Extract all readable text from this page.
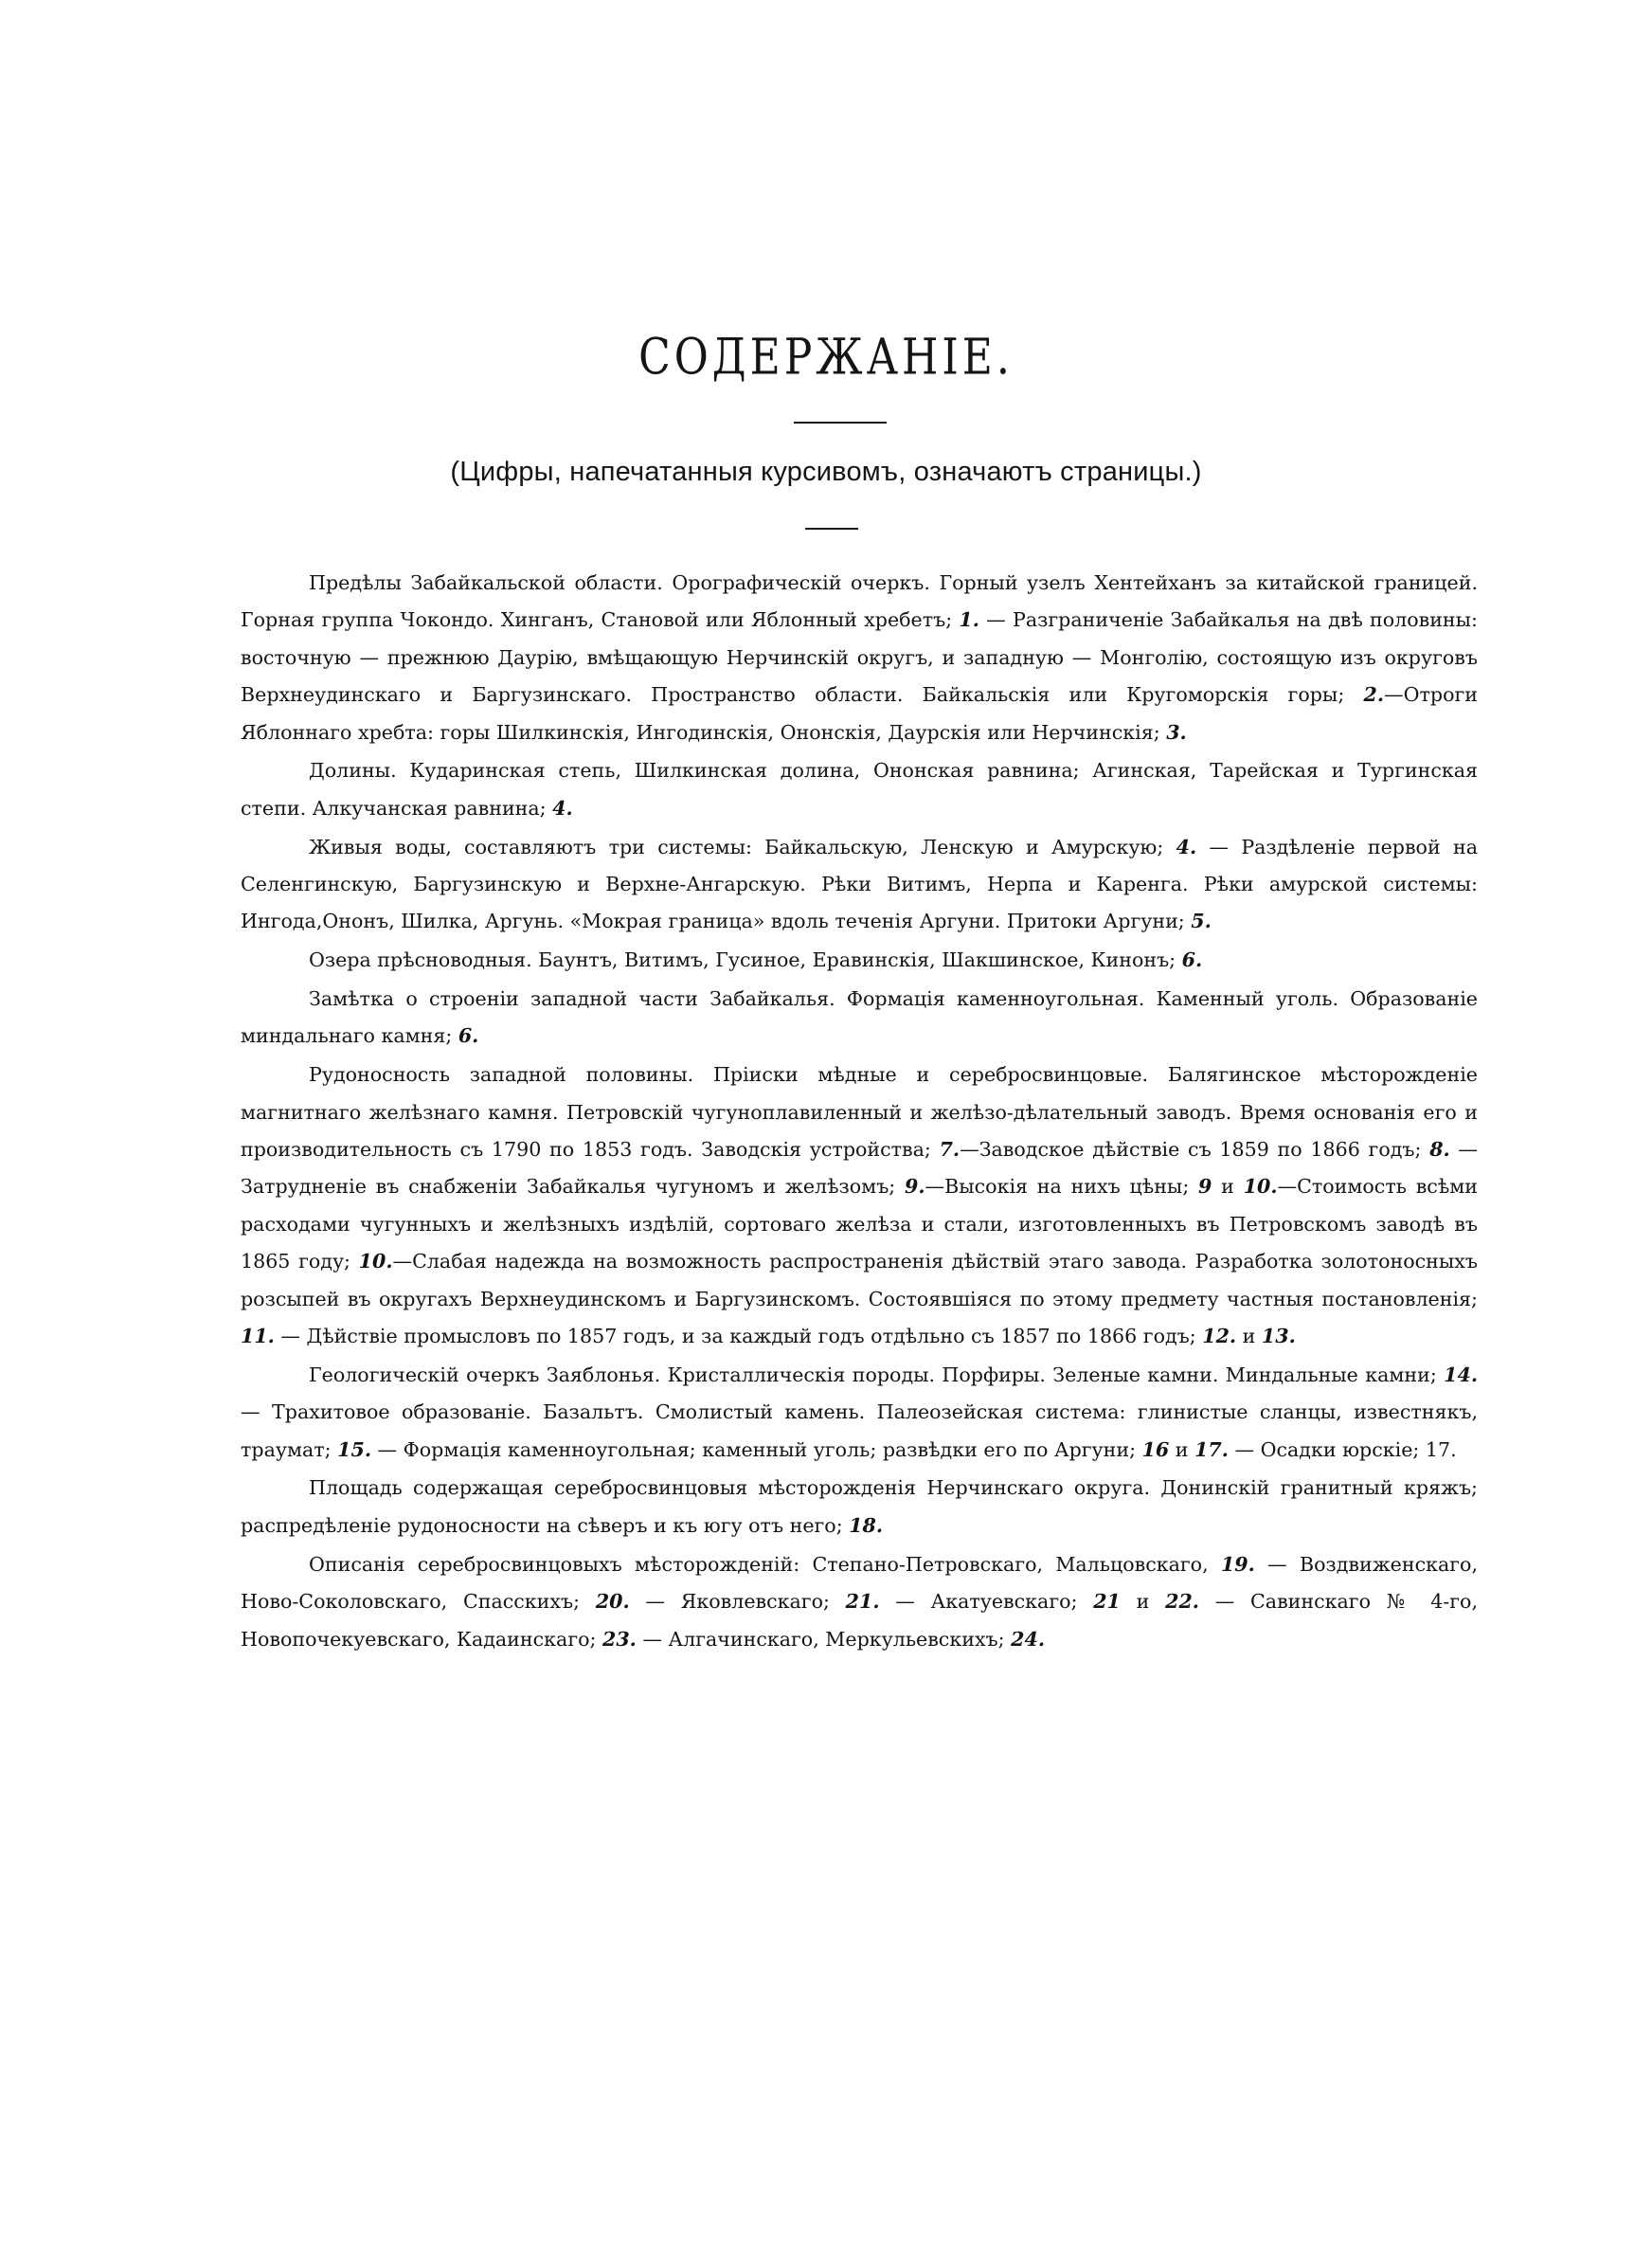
СОДЕРЖАНІЕ.
(Цифры, напечатанныя курсивомъ, означаютъ страницы.)

Предѣлы Забайкальской области. Орографическій очеркъ. Горный узелъ Хентейханъ за китайской границей. Горная группа Чокондо. Хинганъ, Становой или Яблонный хребетъ; 1. — Разграниченіе Забайкалья на двѣ половины: восточную — прежнюю Даурію, вмѣщающую Нерчинскій округъ, и западную — Монголію, состоящую изъ округовъ Верхнеудинскаго и Баргузинскаго. Пространство области. Байкальскія или Кругоморскія горы; 2.—Отроги Яблоннаго хребта: горы Шилкинскія, Ингодинскія, Ононскія, Даурскія или Нерчинскія; 3.

Долины. Кударинская степь, Шилкинская долина, Ононская равнина; Агинская, Тарейская и Тургинская степи. Алкучанская равнина; 4.

Живыя воды, составляютъ три системы: Байкальскую, Ленскую и Амурскую; 4. — Раздѣленіе первой на Селенгинскую, Баргузинскую и Верхне-Ангарскую. Рѣки Витимъ, Нерпа и Каренга. Рѣки амурской системы: Ингода,Ононъ, Шилка, Аргунь. «Мокрая граница» вдоль теченія Аргуни. Притоки Аргуни; 5.

Озера прѣсноводныя. Баунтъ, Витимъ, Гусиное, Еравинскія, Шакшинское, Кинонъ; 6.

Замѣтка о строеніи западной части Забайкалья. Формація каменноугольная. Каменный уголь. Образованіе миндальнаго камня; 6.

Рудоносность западной половины. Пріиски мѣдные и серебросвинцовые. Балягинское мѣсторожденіе магнитнаго желѣзнаго камня. Петровскій чугуноплавиленный и желѣзо-дѣлательный заводъ. Время основанія его и производительность съ 1790 по 1853 годъ. Заводскія устройства; 7.—Заводское дѣйствіе съ 1859 по 1866 годъ; 8. — Затрудненіе въ снабженіи Забайкалья чугуномъ и желѣзомъ; 9.—Высокія на нихъ цѣны; 9 и 10.—Стоимость всѣми расходами чугунныхъ и желѣзныхъ издѣлій, сортоваго желѣза и стали, изготовленныхъ въ Петровскомъ заводѣ въ 1865 году; 10.—Слабая надежда на возможность распространенія дѣйствій этаго завода. Разработка золотоносныхъ розсыпей въ округахъ Верхнеудинскомъ и Баргузинскомъ. Состоявшіяся по этому предмету частныя постановленія; 11. — Дѣйствіе промысловъ по 1857 годъ, и за каждый годъ отдѣльно съ 1857 по 1866 годъ; 12. и 13.

Геологическій очеркъ Заяблонья. Кристаллическія породы. Порфиры. Зеленые камни. Миндальные камни; 14. — Трахитовое образованіе. Базальтъ. Смолистый камень. Палеозейская система: глинистые сланцы, известнякъ, траумат; 15. — Формація каменноугольная; каменный уголь; развѣдки его по Аргуни; 16 и 17. — Осадки юрскіе; 17.

Площадь содержащая серебросвинцовыя мѣсторожденія Нерчинскаго округа. Донинскій гранитный кряжъ; распредѣленіе рудоносности на сѣверъ и къ югу отъ него; 18.

Описанія серебросвинцовыхъ мѣсторожденій: Степано-Петровскаго, Мальцовскаго, 19. — Воздвиженскаго, Ново-Соколовскаго, Спасскихъ; 20. — Яковлевскаго; 21. — Акатуевскаго; 21 и 22. — Савинскаго № 4-го, Новопочекуевскаго, Кадаинскаго; 23. — Алгачинскаго, Меркульевскихъ; 24.
